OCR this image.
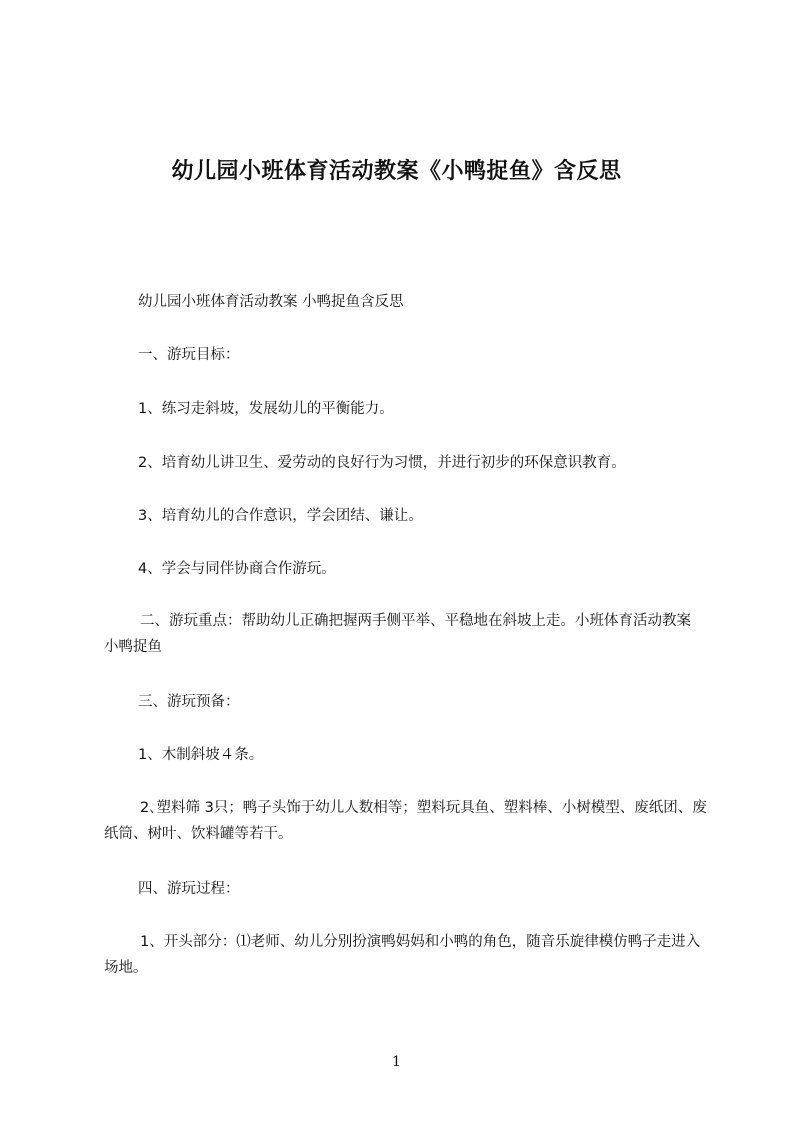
幼儿园小班体育活动教案《小鸭捉鱼》含反思

幼儿园小班体育活动教案 小鸭捉鱼含反思

一、游玩目标：

1、练习走斜坡，发展幼儿的平衡能力。

2、培育幼儿讲卫生、爱劳动的良好行为习惯，并进行初步的环保意识教育。

3、培育幼儿的合作意识，学会团结、谦让。

4、学会与同伴协商合作游玩。

二、游玩重点：帮助幼儿正确把握两手侧平举、平稳地在斜坡上走。小班体育活动教案 小鸭捉鱼

三、游玩预备：

1、木制斜坡４条。

2､塑料筛 3只；鸭子头饰于幼儿人数相等；塑料玩具鱼、塑料棒、小树模型、废纸团、废纸筒、树叶、饮料罐等若干。

四、游玩过程：

1、开头部分：⑴老师、幼儿分别扮演鸭妈妈和小鸭的角色，随音乐旋律模仿鸭子走进入场地。

1
